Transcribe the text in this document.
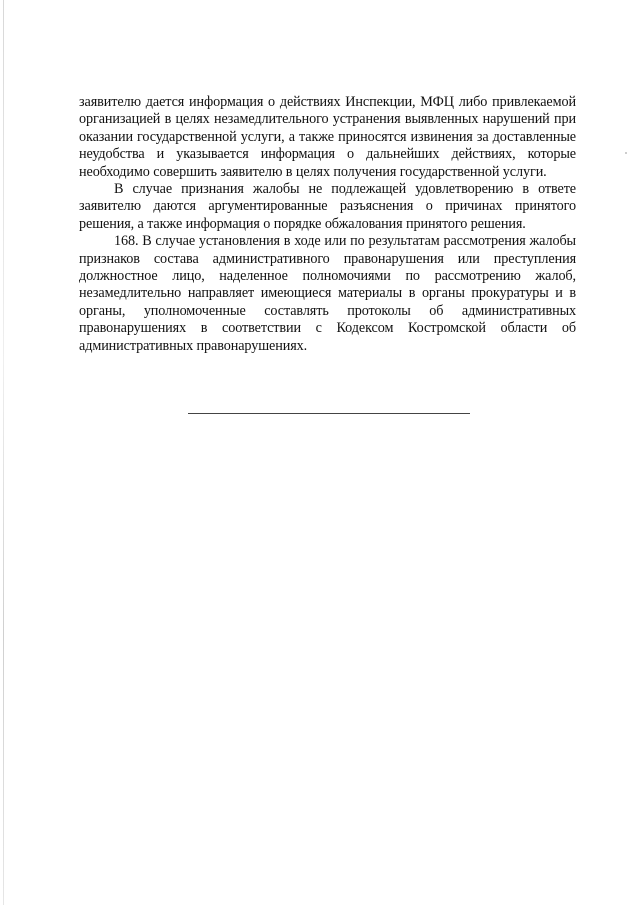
заявителю дается информация о действиях Инспекции, МФЦ либо привлекаемой организацией в целях незамедлительного устранения выявленных нарушений при оказании государственной услуги, а также приносятся извинения за доставленные неудобства и указывается информация о дальнейших действиях, которые необходимо совершить заявителю в целях получения государственной услуги.

В случае признания жалобы не подлежащей удовлетворению в ответе заявителю даются аргументированные разъяснения о причинах принятого решения, а также информация о порядке обжалования принятого решения.

168. В случае установления в ходе или по результатам рассмотрения жалобы признаков состава административного правонарушения или преступления должностное лицо, наделенное полномочиями по рассмотрению жалоб, незамедлительно направляет имеющиеся материалы в органы прокуратуры и в органы, уполномоченные составлять протоколы об административных правонарушениях в соответствии с Кодексом Костромской области об административных правонарушениях.
